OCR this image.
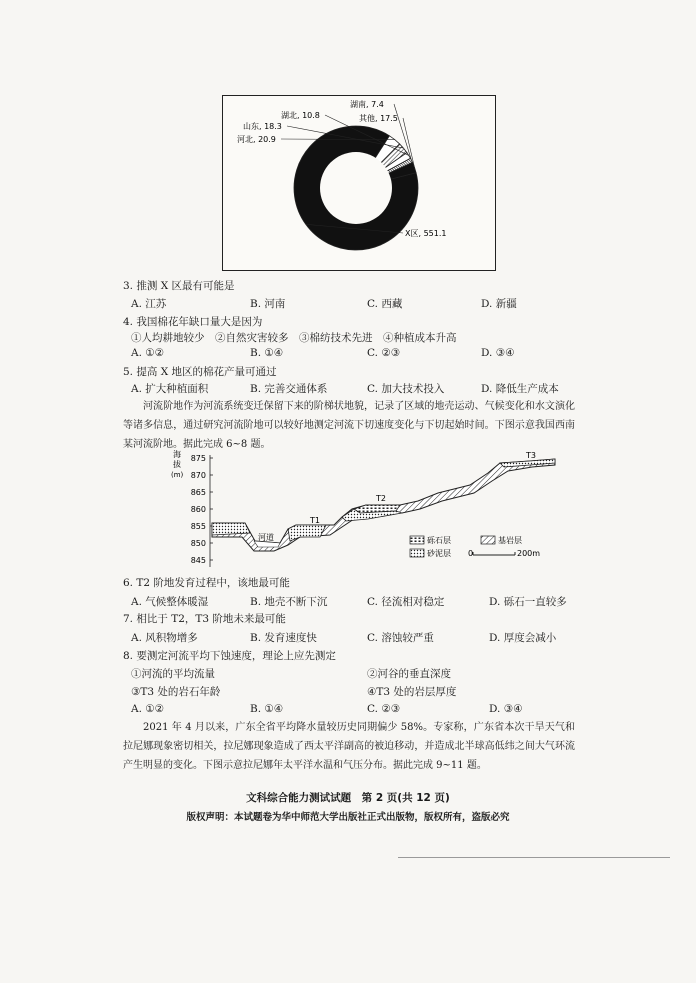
X区, 551.1
河北, 20.9
山东, 18.3
湖北, 10.8
湖南, 7.4
其他, 17.5
3. 推测 X 区最有可能是
A. 江苏	B. 河南	C. 西藏	D. 新疆
4. 我国棉花年缺口量大是因为
①人均耕地较少　②自然灾害较多　③棉纺技术先进　④种植成本升高
A. ①②	B. ①④	C. ②③	D. ③④
5. 提高 X 地区的棉花产量可通过
A. 扩大种植面积	B. 完善交通体系	C. 加大技术投入	D. 降低生产成本
河流阶地作为河流系统变迁保留下来的阶梯状地貌，记录了区域的地壳运动、气候变化和水文演化等诸多信息，通过研究河流阶地可以较好地测定河流下切速度变化与下切起始时间。下图示意我国西南某河流阶地。据此完成 6~8 题。
海
拔
(m)
875
870
865
860
855
850
845
河道
T1
T2
T3
砾石层	基岩层
砂泥层 0	200m
6. T2 阶地发育过程中，该地最可能
A. 气候整体暖湿	B. 地壳不断下沉	C. 径流相对稳定	D. 砾石一直较多
7. 相比于 T2，T3 阶地未来最可能
A. 风积物增多	B. 发育速度快	C. 溶蚀较严重	D. 厚度会减小
8. 要测定河流平均下蚀速度，理论上应先测定
①河流的平均流量	②河谷的垂直深度
③T3 处的岩石年龄	④T3 处的岩层厚度
A. ①②	B. ①④	C. ②③	D. ③④
2021 年 4 月以来，广东全省平均降水量较历史同期偏少 58%。专家称，广东省本次干旱天气和拉尼娜现象密切相关，拉尼娜现象造成了西太平洋副高的被迫移动，并造成北半球高低纬之间大气环流产生明显的变化。下图示意拉尼娜年太平洋水温和气压分布。据此完成 9~11 题。
文科综合能力测试试题　第 2 页(共 12 页)
版权声明：本试题卷为华中师范大学出版社正式出版物，版权所有，盗版必究
